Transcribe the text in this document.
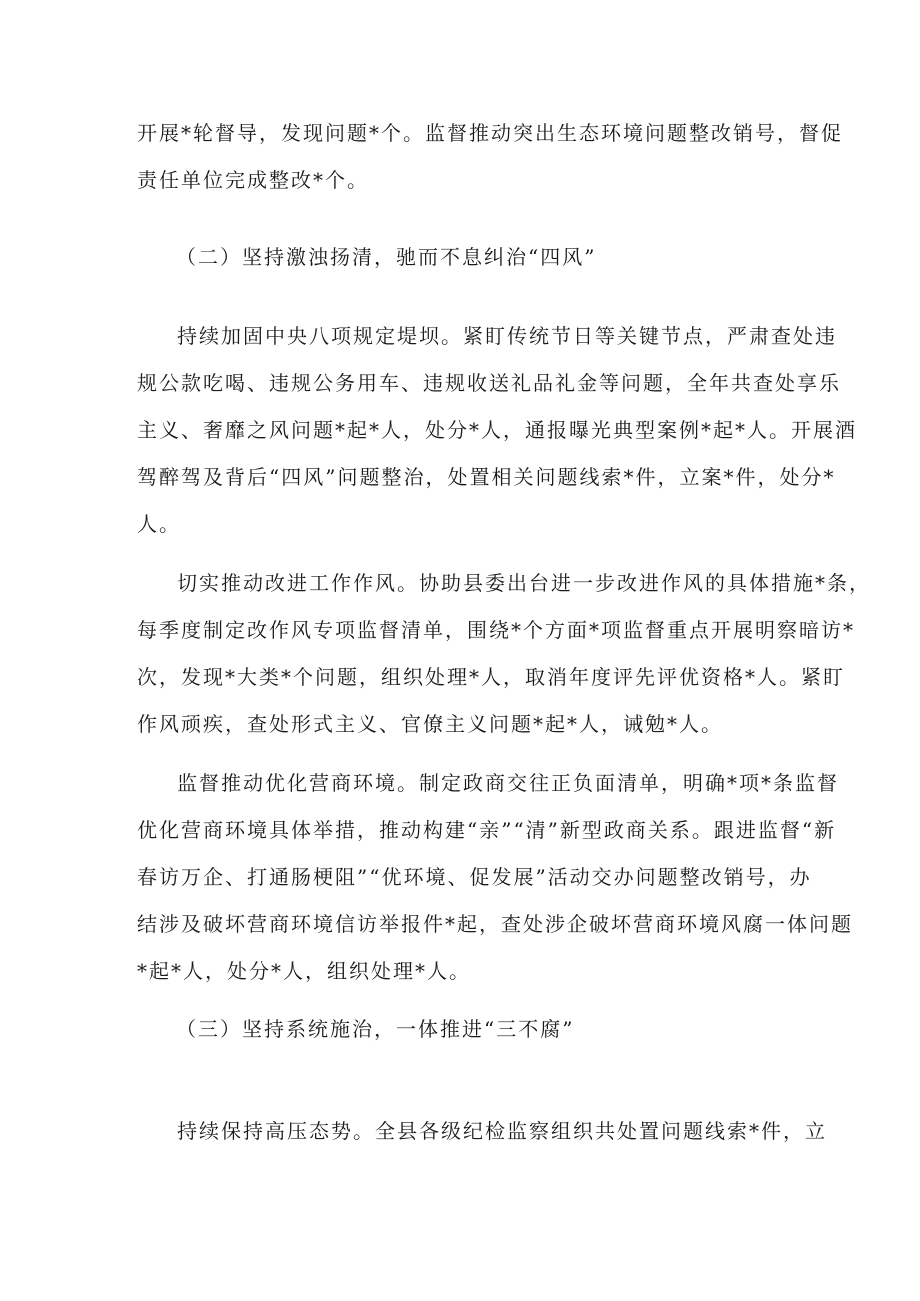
开展*轮督导，发现问题*个。监督推动突出生态环境问题整改销号，督促
责任单位完成整改*个。
（二）坚持激浊扬清，驰而不息纠治“四风”
持续加固中央八项规定堤坝。紧盯传统节日等关键节点，严肃查处违
规公款吃喝、违规公务用车、违规收送礼品礼金等问题，全年共查处享乐
主义、奢靡之风问题*起*人，处分*人，通报曝光典型案例*起*人。开展酒
驾醉驾及背后“四风”问题整治，处置相关问题线索*件，立案*件，处分*
人。
切实推动改进工作作风。协助县委出台进一步改进作风的具体措施*条，
每季度制定改作风专项监督清单，围绕*个方面*项监督重点开展明察暗访*
次，发现*大类*个问题，组织处理*人，取消年度评先评优资格*人。紧盯
作风顽疾，查处形式主义、官僚主义问题*起*人，诫勉*人。
监督推动优化营商环境。制定政商交往正负面清单，明确*项*条监督
优化营商环境具体举措，推动构建“亲”“清”新型政商关系。跟进监督“新
春访万企、打通肠梗阻”“优环境、促发展”活动交办问题整改销号，办
结涉及破坏营商环境信访举报件*起，查处涉企破坏营商环境风腐一体问题
*起*人，处分*人，组织处理*人。
（三）坚持系统施治，一体推进“三不腐”
持续保持高压态势。全县各级纪检监察组织共处置问题线索*件，立
